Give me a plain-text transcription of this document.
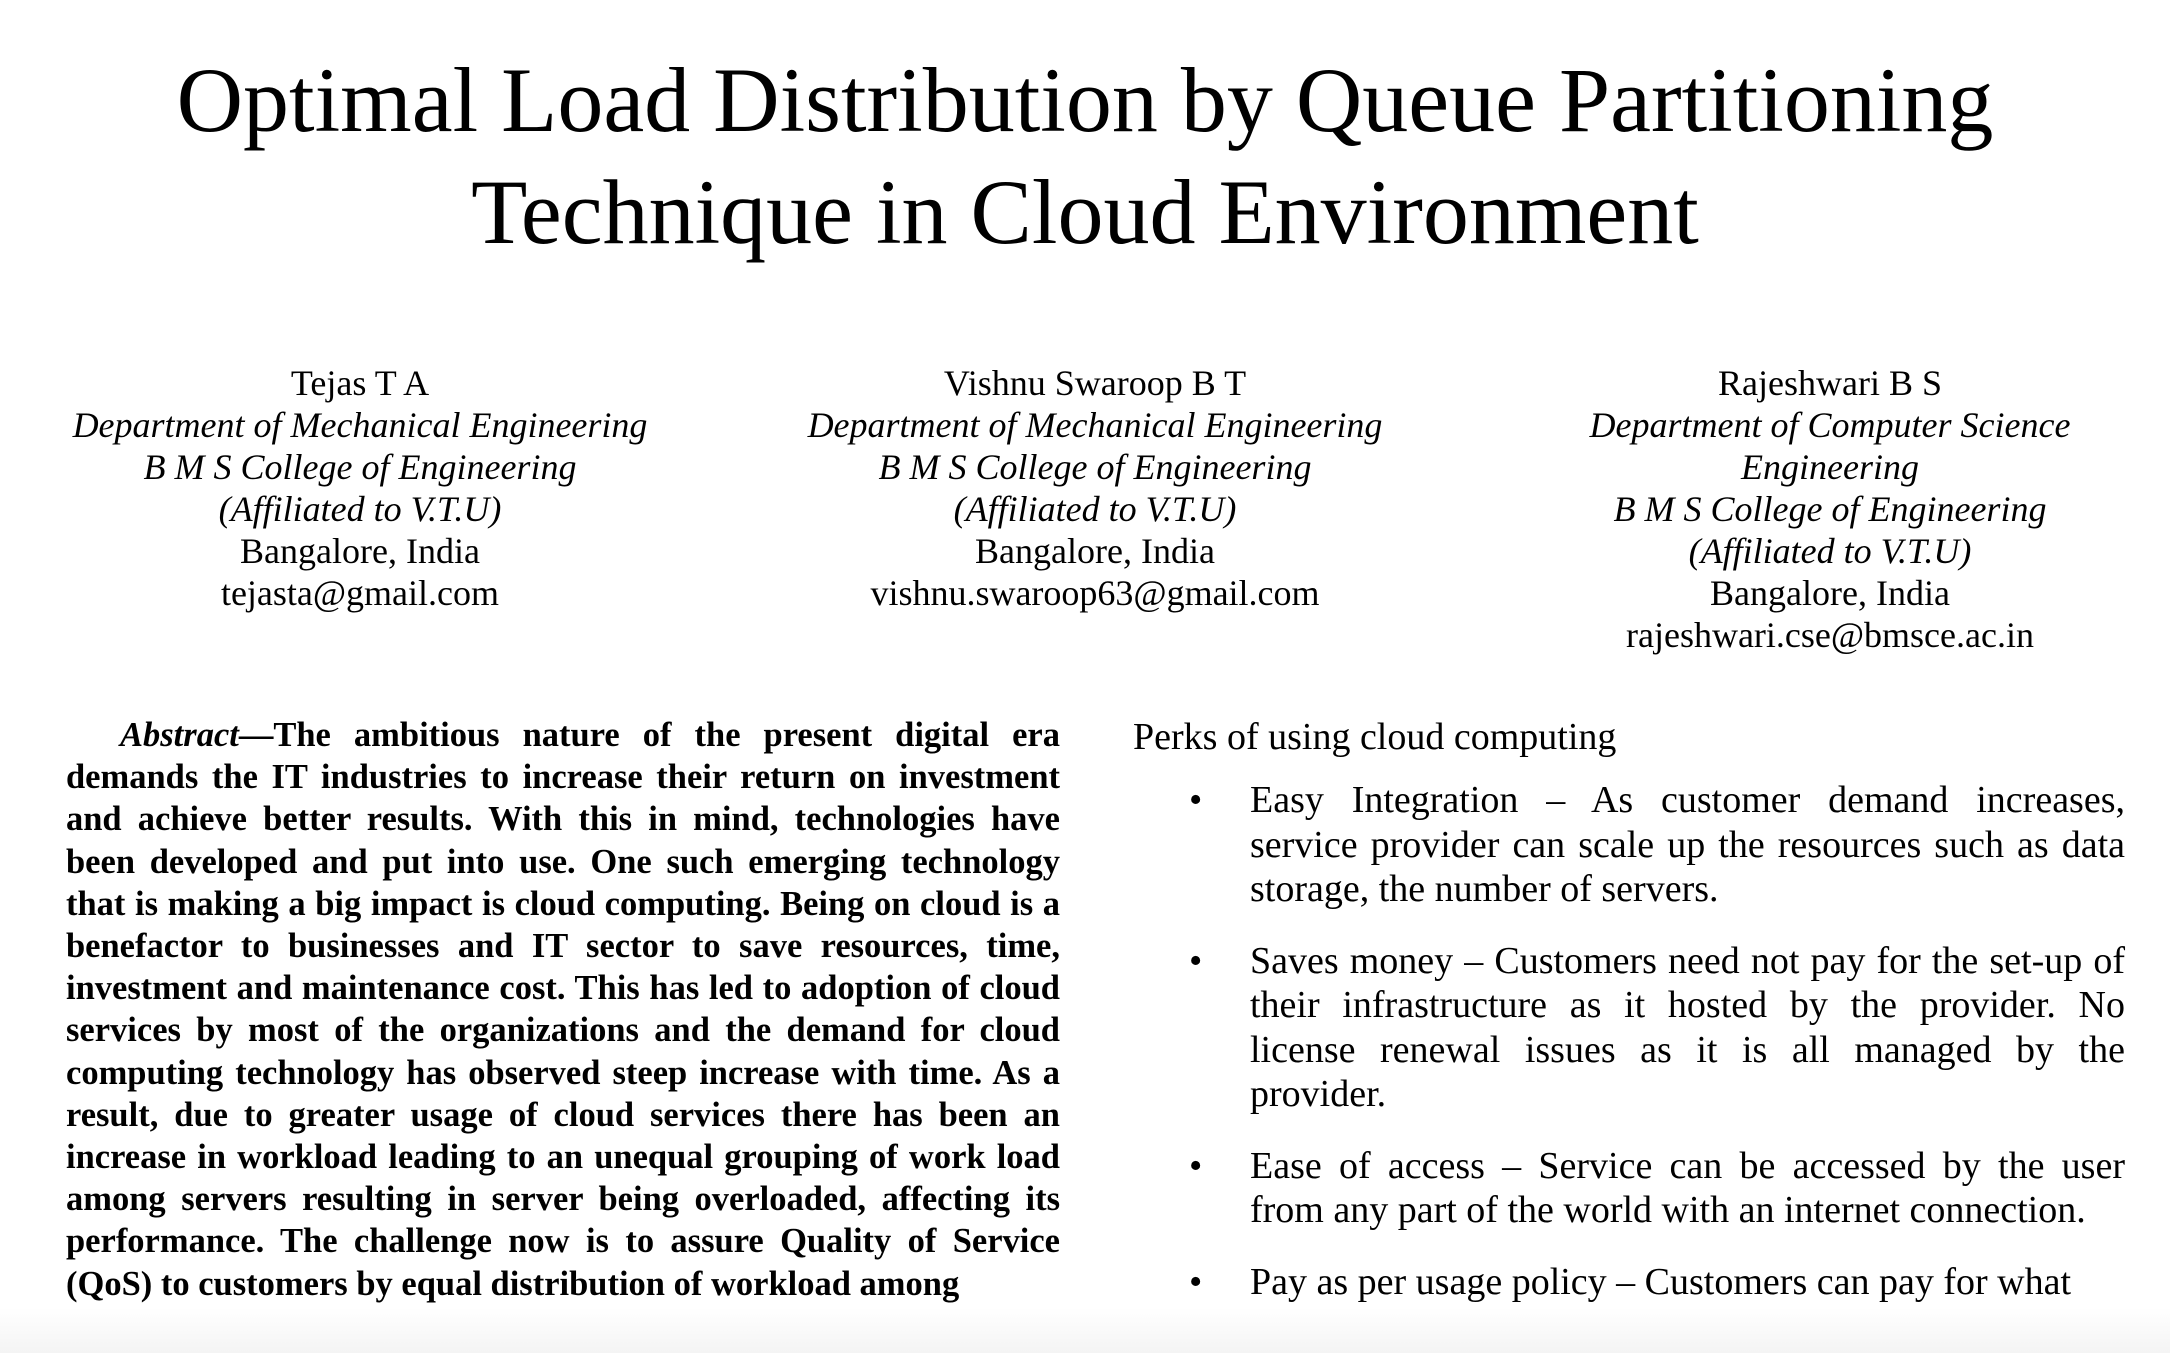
Optimal Load Distribution by Queue Partitioning
Technique in Cloud Environment
Tejas T A
Department of Mechanical Engineering
B M S College of Engineering
(Affiliated to V.T.U)
Bangalore, India
tejasta@gmail.com
Vishnu Swaroop B T
Department of Mechanical Engineering
B M S College of Engineering
(Affiliated to V.T.U)
Bangalore, India
vishnu.swaroop63@gmail.com
Rajeshwari B S
Department of Computer Science
Engineering
B M S College of Engineering
(Affiliated to V.T.U)
Bangalore, India
rajeshwari.cse@bmsce.ac.in

Abstract—The ambitious nature of the present digital era demands the IT industries to increase their return on investment and achieve better results. With this in mind, technologies have been developed and put into use. One such emerging technology that is making a big impact is cloud computing. Being on cloud is a benefactor to businesses and IT sector to save resources, time, investment and maintenance cost. This has led to adoption of cloud services by most of the organizations and the demand for cloud computing technology has observed steep increase with time. As a result, due to greater usage of cloud services there has been an increase in workload leading to an unequal grouping of work load among servers resulting in server being overloaded, affecting its performance. The challenge now is to assure Quality of Service (QoS) to customers by equal distribution of workload among

Perks of using cloud computing
• Easy Integration – As customer demand increases, service provider can scale up the resources such as data storage, the number of servers.
• Saves money – Customers need not pay for the set-up of their infrastructure as it hosted by the provider. No license renewal issues as it is all managed by the provider.
• Ease of access – Service can be accessed by the user from any part of the world with an internet connection.
• Pay as per usage policy – Customers can pay for what
